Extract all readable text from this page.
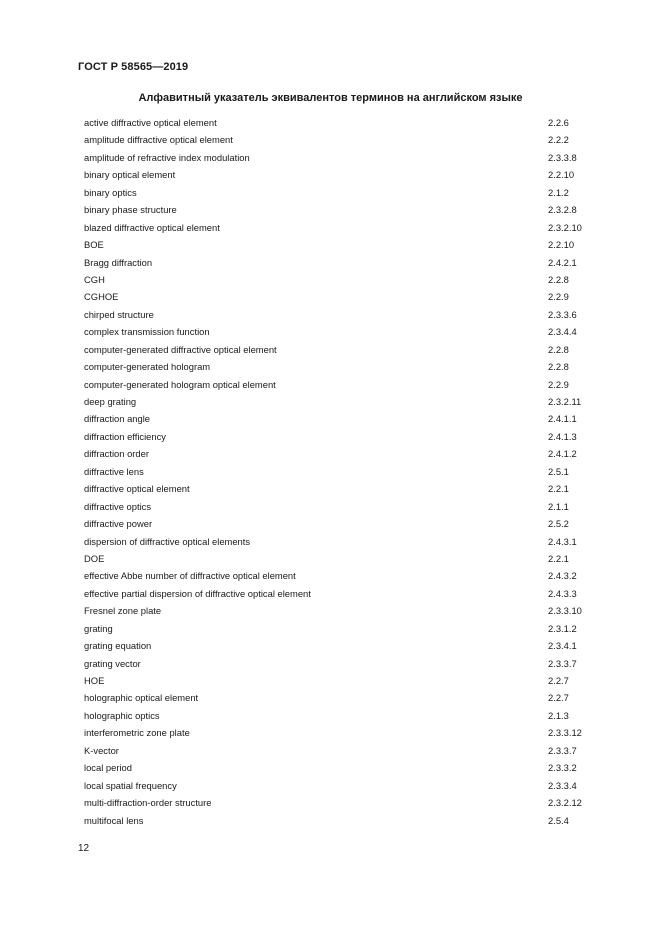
ГОСТ Р 58565—2019
Алфавитный указатель эквивалентов терминов на английском языке
active diffractive optical element	2.2.6
amplitude diffractive optical element	2.2.2
amplitude of refractive index modulation	2.3.3.8
binary optical element	2.2.10
binary optics	2.1.2
binary phase structure	2.3.2.8
blazed diffractive optical element	2.3.2.10
BOE	2.2.10
Bragg diffraction	2.4.2.1
CGH	2.2.8
CGHOE	2.2.9
chirped structure	2.3.3.6
complex transmission function	2.3.4.4
computer-generated diffractive optical element	2.2.8
computer-generated hologram	2.2.8
computer-generated hologram optical element	2.2.9
deep grating	2.3.2.11
diffraction angle	2.4.1.1
diffraction efficiency	2.4.1.3
diffraction order	2.4.1.2
diffractive lens	2.5.1
diffractive optical element	2.2.1
diffractive optics	2.1.1
diffractive power	2.5.2
dispersion of diffractive optical elements	2.4.3.1
DOE	2.2.1
effective Abbe number of diffractive optical element	2.4.3.2
effective partial dispersion of diffractive optical element	2.4.3.3
Fresnel zone plate	2.3.3.10
grating	2.3.1.2
grating equation	2.3.4.1
grating vector	2.3.3.7
HOE	2.2.7
holographic optical element	2.2.7
holographic optics	2.1.3
interferometric zone plate	2.3.3.12
K-vector	2.3.3.7
local period	2.3.3.2
local spatial frequency	2.3.3.4
multi-diffraction-order structure	2.3.2.12
multifocal lens	2.5.4
12
